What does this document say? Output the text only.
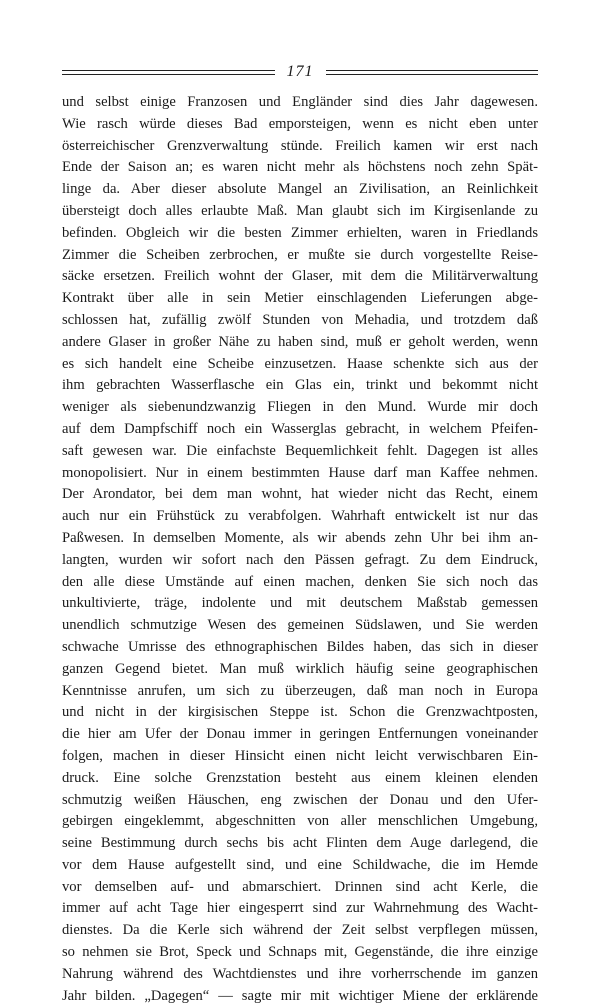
171
und selbst einige Franzosen und Engländer sind dies Jahr dagewesen.
Wie rasch würde dieses Bad emporsteigen, wenn es nicht eben unter
österreichischer Grenzverwaltung stünde. Freilich kamen wir erst nach
Ende der Saison an; es waren nicht mehr als höchstens noch zehn Spät-
linge da. Aber dieser absolute Mangel an Zivilisation, an Reinlichkeit
übersteigt doch alles erlaubte Maß. Man glaubt sich im Kirgisenlande zu
befinden. Obgleich wir die besten Zimmer erhielten, waren in Friedlands
Zimmer die Scheiben zerbrochen, er mußte sie durch vorgestellte Reise-
säcke ersetzen. Freilich wohnt der Glaser, mit dem die Militärverwaltung
Kontrakt über alle in sein Metier einschlagenden Lieferungen abge-
schlossen hat, zufällig zwölf Stunden von Mehadia, und trotzdem daß
andere Glaser in großer Nähe zu haben sind, muß er geholt werden, wenn
es sich handelt eine Scheibe einzusetzen. Haase schenkte sich aus der
ihm gebrachten Wasserflasche ein Glas ein, trinkt und bekommt nicht
weniger als siebenundzwanzig Fliegen in den Mund. Wurde mir doch
auf dem Dampfschiff noch ein Wasserglas gebracht, in welchem Pfeifen-
saft gewesen war. Die einfachste Bequemlichkeit fehlt. Dagegen ist alles
monopolisiert. Nur in einem bestimmten Hause darf man Kaffee nehmen.
Der Arondator, bei dem man wohnt, hat wieder nicht das Recht, einem
auch nur ein Frühstück zu verabfolgen. Wahrhaft entwickelt ist nur das
Paßwesen. In demselben Momente, als wir abends zehn Uhr bei ihm an-
langten, wurden wir sofort nach den Pässen gefragt. Zu dem Eindruck,
den alle diese Umstände auf einen machen, denken Sie sich noch das
unkultivierte, träge, indolente und mit deutschem Maßstab gemessen
unendlich schmutzige Wesen des gemeinen Südslawen, und Sie werden
schwache Umrisse des ethnographischen Bildes haben, das sich in dieser
ganzen Gegend bietet. Man muß wirklich häufig seine geographischen
Kenntnisse anrufen, um sich zu überzeugen, daß man noch in Europa
und nicht in der kirgisischen Steppe ist. Schon die Grenzwachtposten,
die hier am Ufer der Donau immer in geringen Entfernungen voneinander
folgen, machen in dieser Hinsicht einen nicht leicht verwischbaren Ein-
druck. Eine solche Grenzstation besteht aus einem kleinen elenden
schmutzig weißen Häuschen, eng zwischen der Donau und den Ufer-
gebirgen eingeklemmt, abgeschnitten von aller menschlichen Umgebung,
seine Bestimmung durch sechs bis acht Flinten dem Auge darlegend, die
vor dem Hause aufgestellt sind, und eine Schildwache, die im Hemde
vor demselben auf- und abmarschiert. Drinnen sind acht Kerle, die
immer auf acht Tage hier eingesperrt sind zur Wahrnehmung des Wacht-
dienstes. Da die Kerle sich während der Zeit selbst verpflegen müssen,
so nehmen sie Brot, Speck und Schnaps mit, Gegenstände, die ihre einzige
Nahrung während des Wachtdienstes und ihre vorherrschende im ganzen
Jahr bilden. „Dagegen“ — sagte mir mit wichtiger Miene der erklärende
